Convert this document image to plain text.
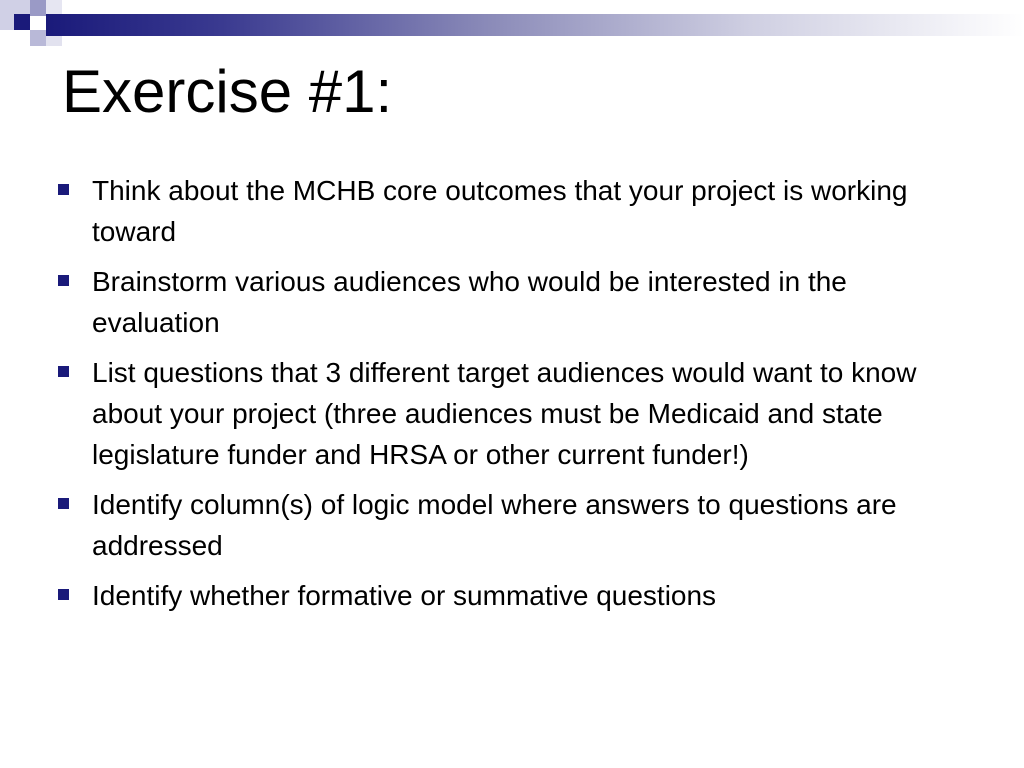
Exercise #1:
Think about the MCHB core outcomes that your project is working toward
Brainstorm various audiences who would be interested in the evaluation
List questions that 3 different target audiences would want to know about your project (three audiences must be Medicaid and state legislature funder and HRSA or other current funder!)
Identify column(s) of logic model where answers to questions are addressed
Identify whether formative or summative questions
